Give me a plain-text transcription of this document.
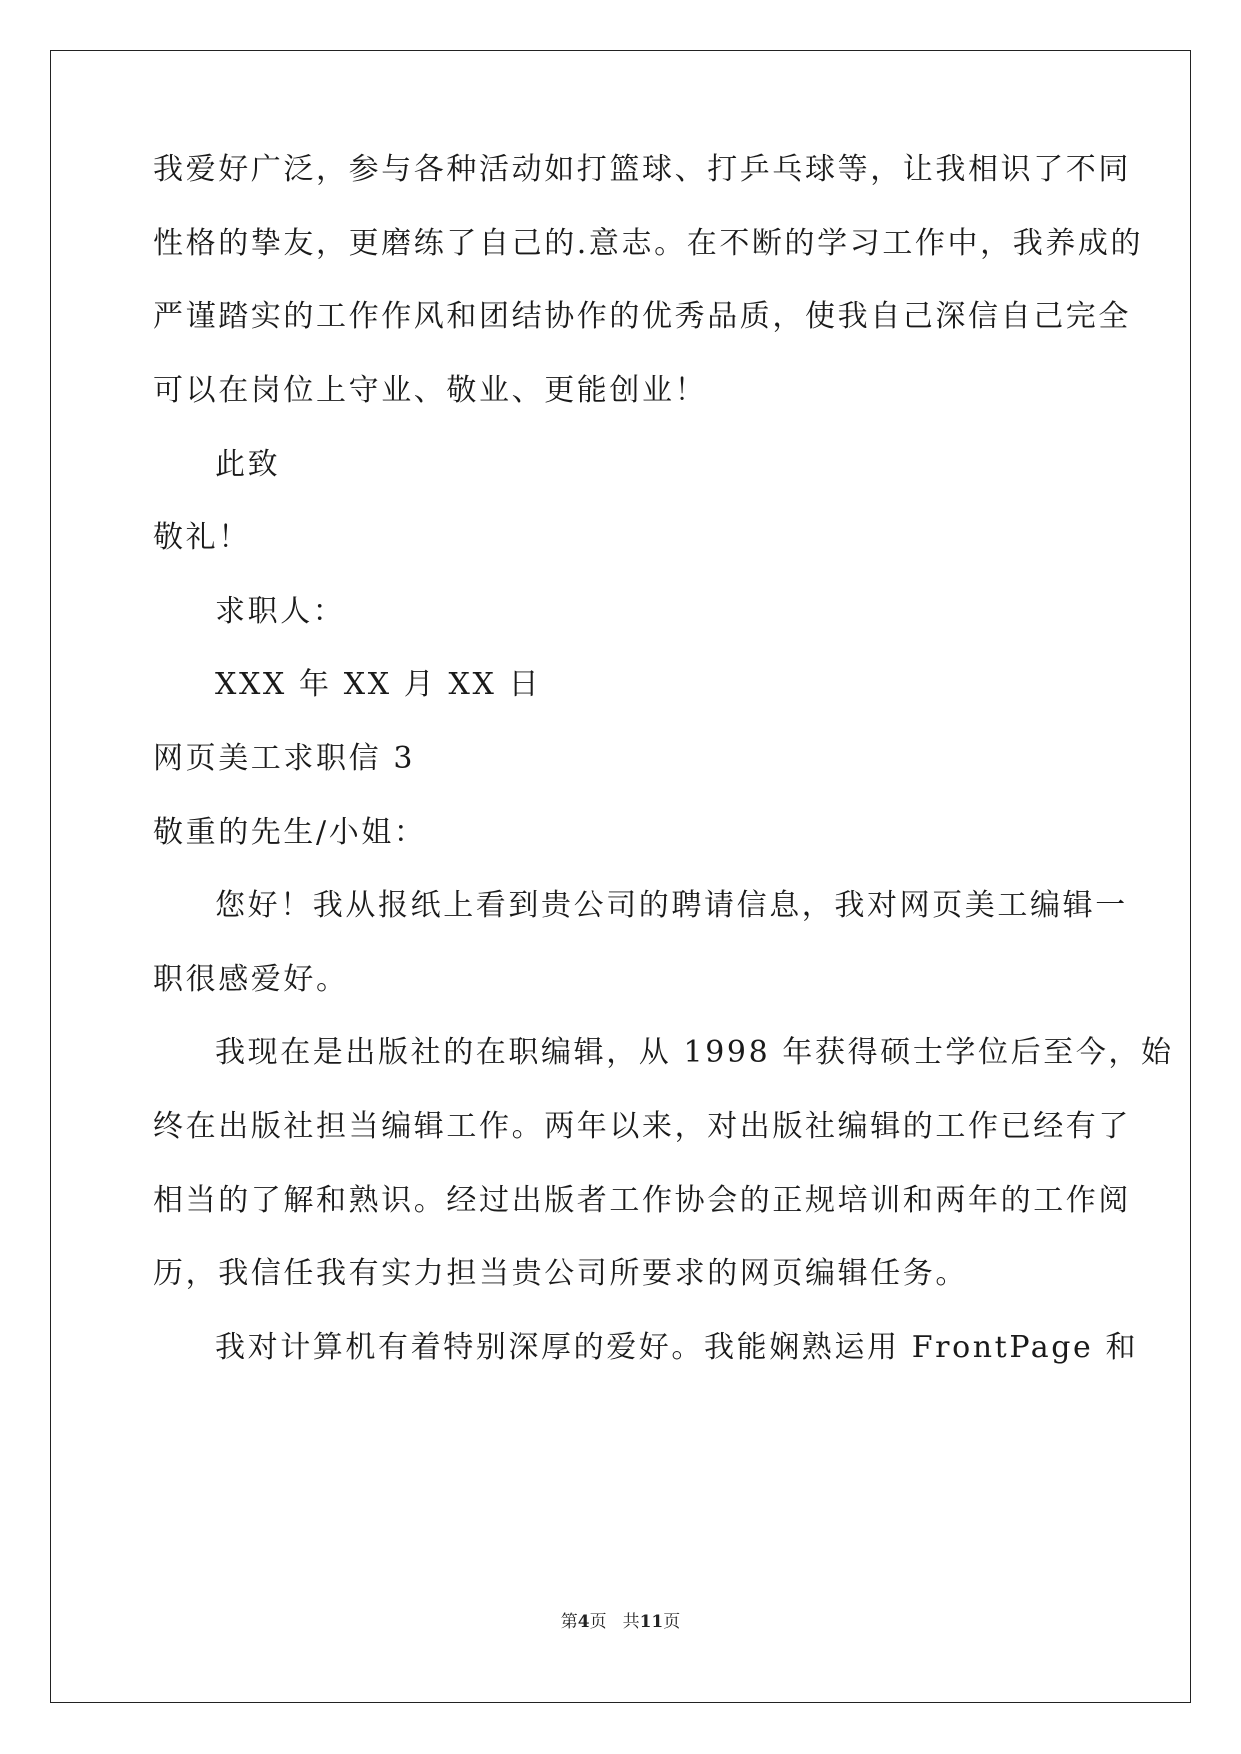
我爱好广泛，参与各种活动如打篮球、打乒乓球等，让我相识了不同
性格的挚友，更磨练了自己的.意志。在不断的学习工作中，我养成的
严谨踏实的工作作风和团结协作的优秀品质，使我自己深信自己完全
可以在岗位上守业、敬业、更能创业！
此致
敬礼！
求职人：
XXX 年 XX 月 XX 日
网页美工求职信 3
敬重的先生/小姐：
您好！我从报纸上看到贵公司的聘请信息，我对网页美工编辑一
职很感爱好。
我现在是出版社的在职编辑，从 1998 年获得硕士学位后至今，始
终在出版社担当编辑工作。两年以来，对出版社编辑的工作已经有了
相当的了解和熟识。经过出版者工作协会的正规培训和两年的工作阅
历，我信任我有实力担当贵公司所要求的网页编辑任务。
我对计算机有着特别深厚的爱好。我能娴熟运用 FrontPage 和
第4页 共11页
